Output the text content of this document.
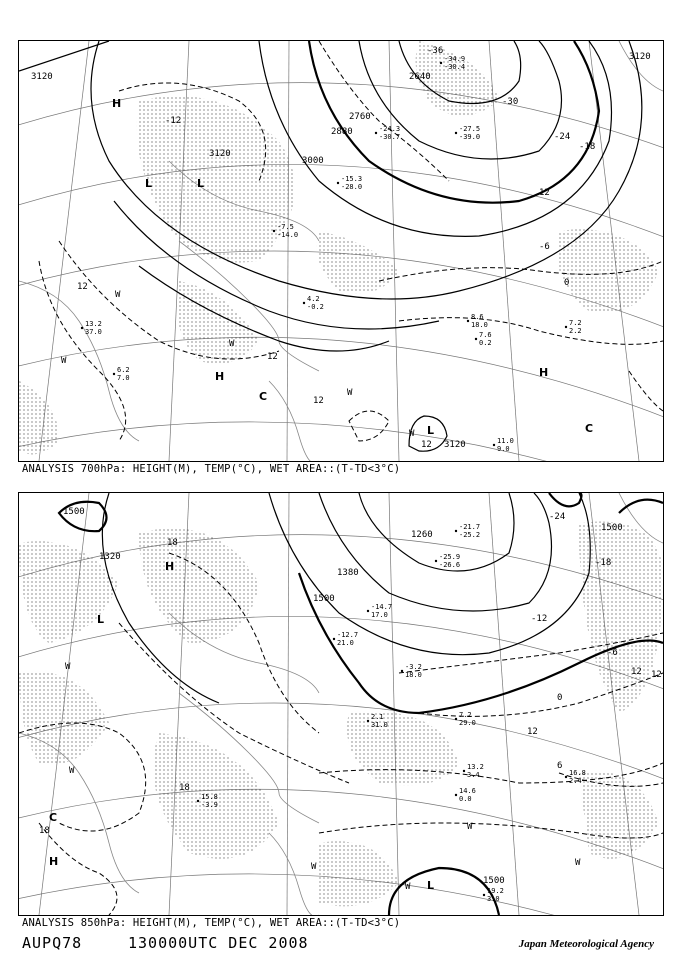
3120
3120
3120
3120
2640
2760
2880
3000
-36
-30
-24
-18
-12
-6
0
12
12
12
12
12
H
L	L
H	H
L
C
C
W
W
W
W
W
-34.9
-30.4
-27.5
-39.0
-24.3
-30.7
-15.3
-28.0
-7.5
-14.0
4.2
-0.2
8.6
18.0
7.6
0.2
7.2
2.2
13.2
37.0
6.2
7.0
11.0
9.0
ANALYSIS 700hPa: HEIGHT(M), TEMP(°C), WET AREA::(T-TD<3°C)
1500
1500
1500
1500
1320
1380
1260
-24
-18
-12
-6
0
6
12
12
12
18
18
18
H
L
H
L
C
W
W
W
W
W
W
-21.7
-25.2
-25.9
-26.6
-14.7
17.0
-12.7
21.0
-3.2
18.0
2.1
31.0
7.2
29.0
13.2
3.4
14.6
0.0
16.8
2.4
15.8
-3.9
19.2
3.0
ANALYSIS 850hPa: HEIGHT(M), TEMP(°C), WET AREA::(T-TD<3°C)
AUPQ78	130000UTC DEC 2008	Japan Meteorological Agency
